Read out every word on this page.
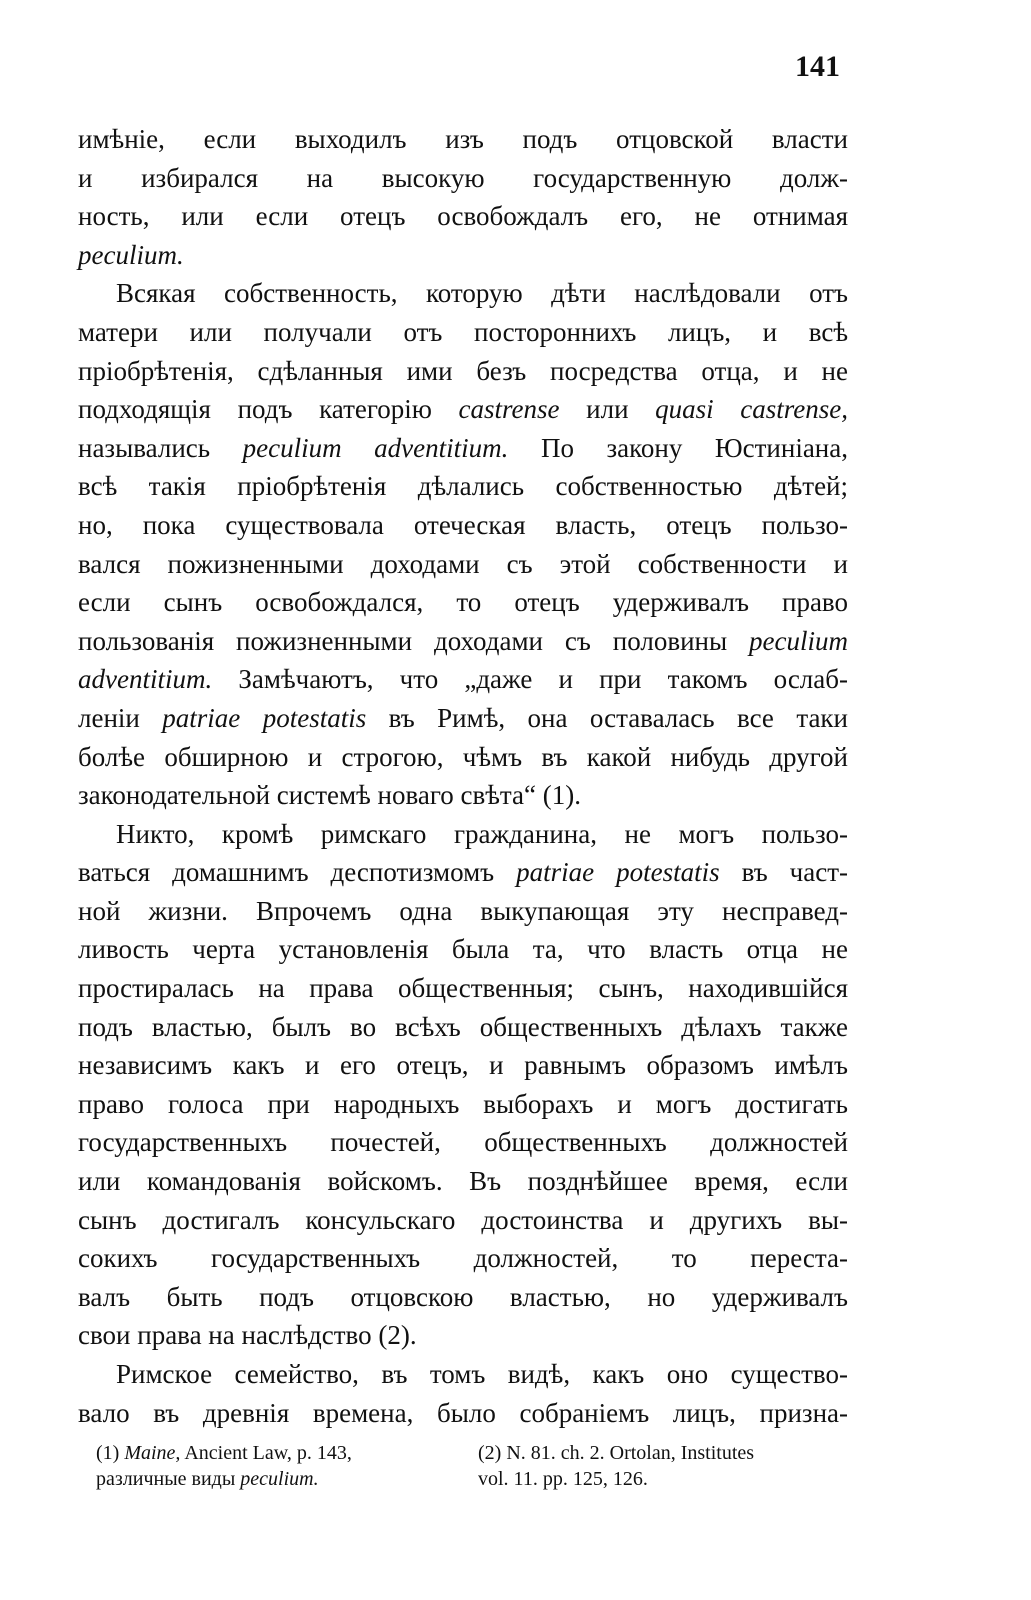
141
имѣніе, если выходилъ изъ подъ отцовской власти
и избирался на высокую государственную долж-
ность, или если отецъ освобождалъ его, не отнимая
peculium.
Всякая собственность, которую дѣти наслѣдовали отъ
матери или получали отъ постороннихъ лицъ, и всѣ
пріобрѣтенія, сдѣланныя ими безъ посредства отца, и не
подходящія подъ категорію castrense или quasi castrense,
назывались peculium adventitium. По закону Юстиніана,
всѣ такія пріобрѣтенія дѣлались собственностью дѣтей;
но, пока существовала отеческая власть, отецъ пользо-
вался пожизненными доходами съ этой собственности и
если сынъ освобождался, то отецъ удерживалъ право
пользованія пожизненными доходами съ половины peculium
adventitium. Замѣчаютъ, что „даже и при такомъ ослаб-
леніи patriae potestatis въ Римѣ, она оставалась все таки
болѣе обширною и строгою, чѣмъ въ какой нибудь другой
законодательной системѣ новаго свѣта“ (1).
Никто, кромѣ римскаго гражданина, не могъ пользо-
ваться домашнимъ деспотизмомъ patriae potestatis въ част-
ной жизни. Впрочемъ одна выкупающая эту несправед-
ливость черта установленія была та, что власть отца не
простиралась на права общественныя; сынъ, находившійся
подъ властью, былъ во всѣхъ общественныхъ дѣлахъ также
независимъ какъ и его отецъ, и равнымъ образомъ имѣлъ
право голоса при народныхъ выборахъ и могъ достигать
государственныхъ почестей, общественныхъ должностей
или командованія войскомъ. Въ позднѣйшее время, если
сынъ достигалъ консульскаго достоинства и другихъ вы-
сокихъ государственныхъ должностей, то переста-
валъ быть подъ отцовскою властью, но удерживалъ
свои права на наслѣдство (2).
Римское семейство, въ томъ видѣ, какъ оно существо-
вало въ древнія времена, было собраніемъ лицъ, призна-
(1) Maine, Ancient Law, p. 143,
различные виды peculium.
(2) N. 81. ch. 2. Ortolan, Institutes
vol. 11. pp. 125, 126.
